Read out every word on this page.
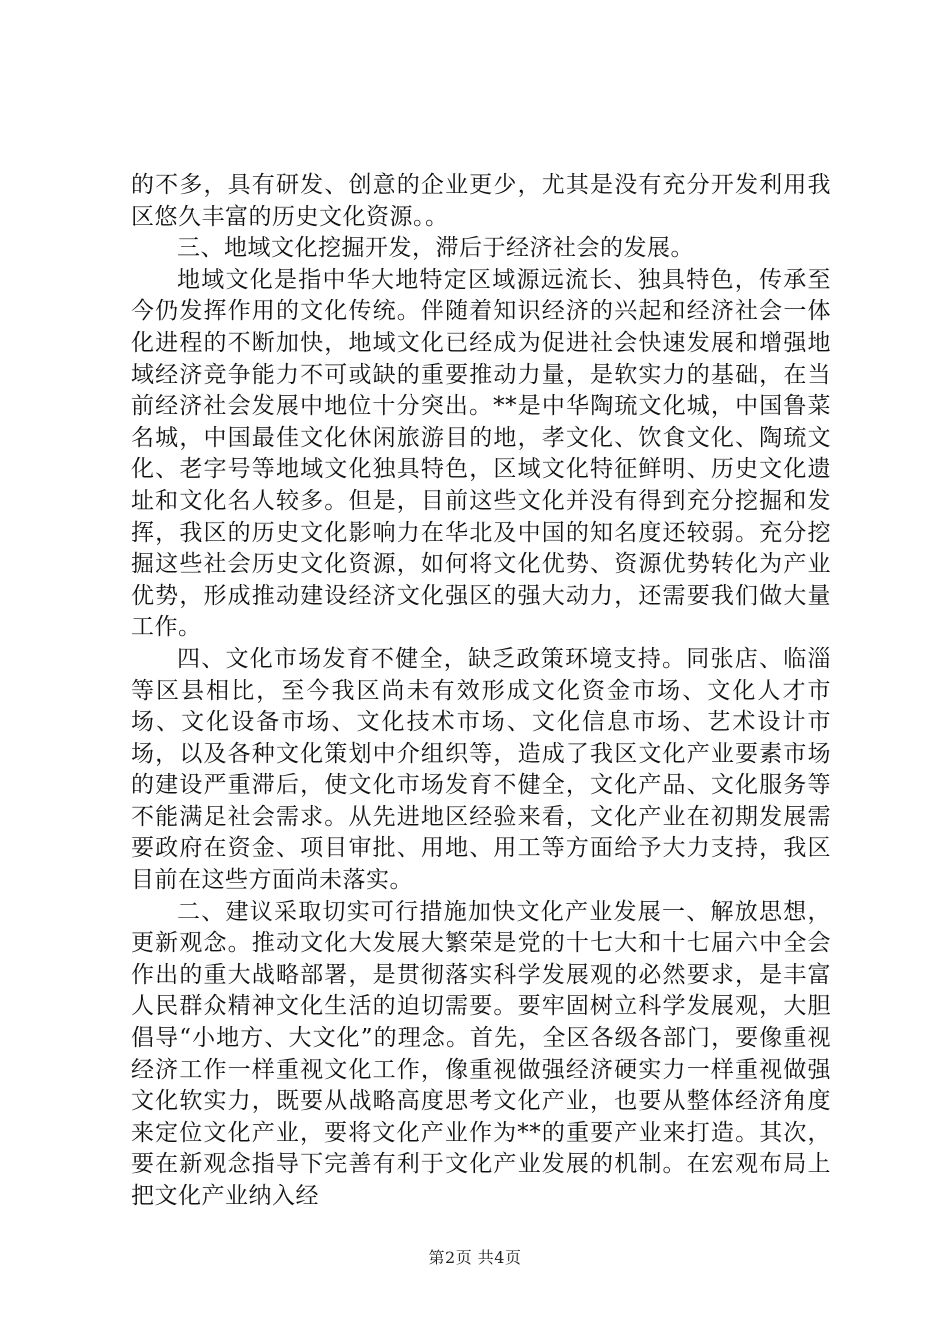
的不多，具有研发、创意的企业更少，尤其是没有充分开发利用我区悠久丰富的历史文化资源。。

三、地域文化挖掘开发，滞后于经济社会的发展。

地域文化是指中华大地特定区域源远流长、独具特色，传承至今仍发挥作用的文化传统。伴随着知识经济的兴起和经济社会一体化进程的不断加快，地域文化已经成为促进社会快速发展和增强地域经济竞争能力不可或缺的重要推动力量，是软实力的基础，在当前经济社会发展中地位十分突出。**是中华陶琉文化城，中国鲁菜名城，中国最佳文化休闲旅游目的地，孝文化、饮食文化、陶琉文化、老字号等地域文化独具特色，区域文化特征鲜明、历史文化遗址和文化名人较多。但是，目前这些文化并没有得到充分挖掘和发挥，我区的历史文化影响力在华北及中国的知名度还较弱。充分挖掘这些社会历史文化资源，如何将文化优势、资源优势转化为产业优势，形成推动建设经济文化强区的强大动力，还需要我们做大量工作。

四、文化市场发育不健全，缺乏政策环境支持。同张店、临淄等区县相比，至今我区尚未有效形成文化资金市场、文化人才市场、文化设备市场、文化技术市场、文化信息市场、艺术设计市场，以及各种文化策划中介组织等，造成了我区文化产业要素市场的建设严重滞后，使文化市场发育不健全，文化产品、文化服务等不能满足社会需求。从先进地区经验来看，文化产业在初期发展需要政府在资金、项目审批、用地、用工等方面给予大力支持，我区目前在这些方面尚未落实。

二、建议采取切实可行措施加快文化产业发展一、解放思想，更新观念。推动文化大发展大繁荣是党的十七大和十七届六中全会作出的重大战略部署，是贯彻落实科学发展观的必然要求，是丰富人民群众精神文化生活的迫切需要。要牢固树立科学发展观，大胆倡导“小地方、大文化”的理念。首先，全区各级各部门，要像重视经济工作一样重视文化工作，像重视做强经济硬实力一样重视做强文化软实力，既要从战略高度思考文化产业，也要从整体经济角度来定位文化产业，要将文化产业作为**的重要产业来打造。其次，要在新观念指导下完善有利于文化产业发展的机制。在宏观布局上把文化产业纳入经

第2页 共4页
